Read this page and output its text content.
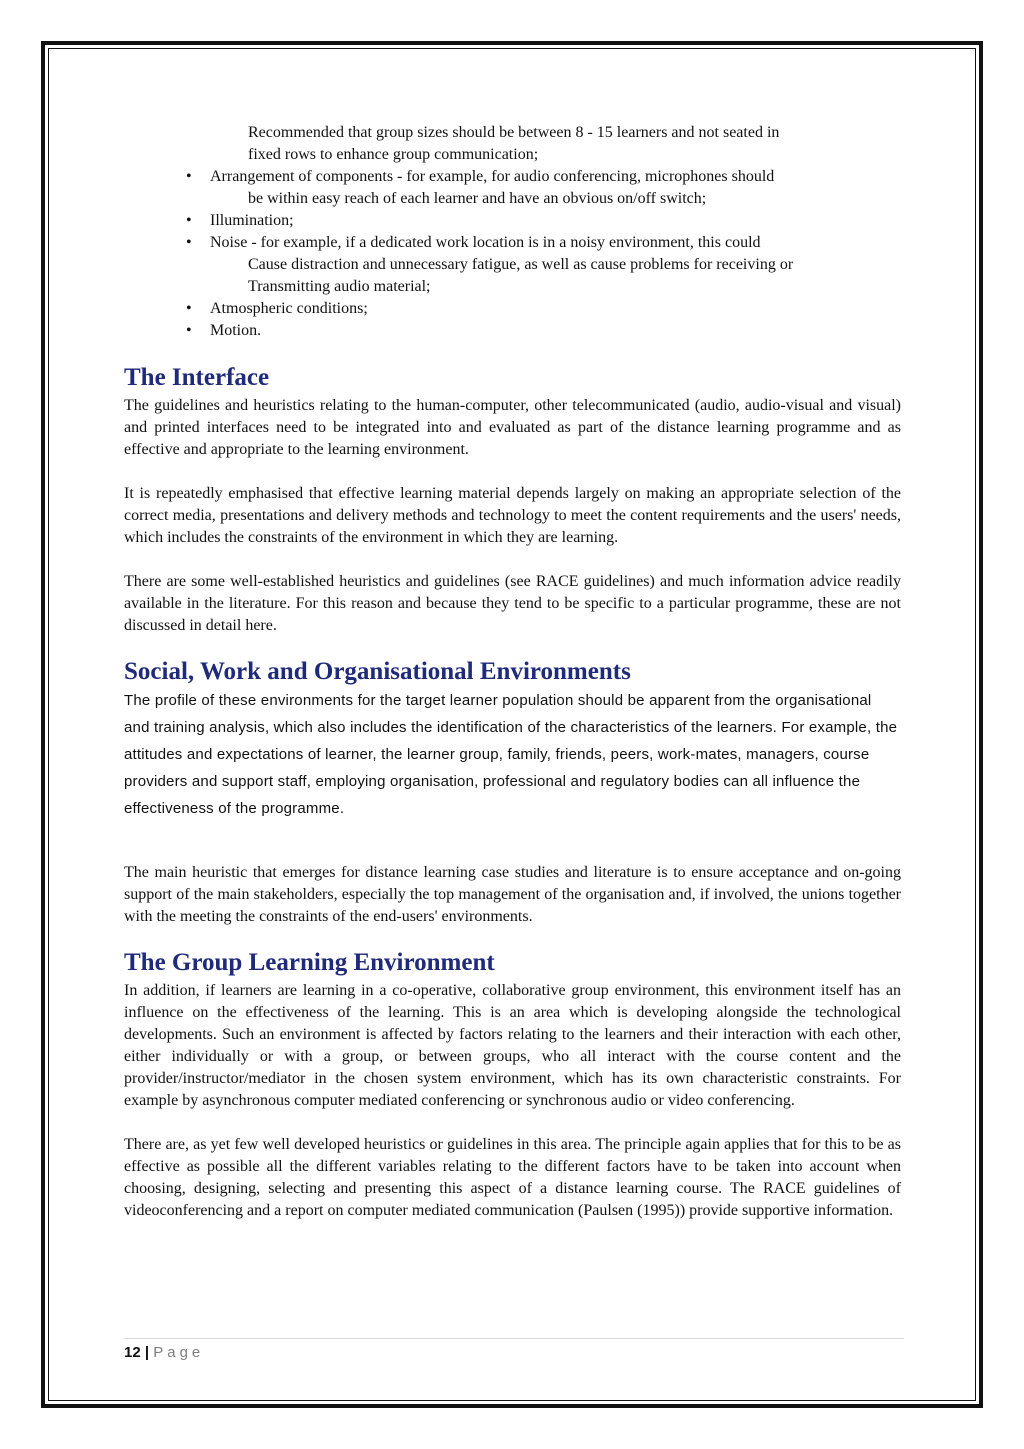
Recommended that group sizes should be between 8 - 15 learners and not seated in

fixed rows to enhance group communication;

•	Arrangement of components - for example, for audio conferencing, microphones should
be within easy reach of each learner and have an obvious on/off switch;
•	Illumination;
•	Noise - for example, if a dedicated work location is in a noisy environment, this could
Cause distraction and unnecessary fatigue, as well as cause problems for receiving or
Transmitting audio material;
•	Atmospheric conditions;
•	Motion.
The Interface

The guidelines and heuristics relating to the human-computer, other telecommunicated (audio, audio-visual and visual) and printed interfaces need to be integrated into and evaluated as part of the distance learning programme and as effective and appropriate to the learning environment.

It is repeatedly emphasised that effective learning material depends largely on making an appropriate selection of the correct media, presentations and delivery methods and technology to meet the content requirements and the users' needs, which includes the constraints of the environment in which they are learning.

There are some well-established heuristics and guidelines (see RACE guidelines) and much information advice readily available in the literature. For this reason and because they tend to be specific to a particular programme, these are not discussed in detail here.

Social, Work and Organisational Environments

The profile of these environments for the target learner population should be apparent from the organisational and training analysis, which also includes the identification of the characteristics of the learners. For example, the attitudes and expectations of learner, the learner group, family, friends, peers, work-mates, managers, course providers and support staff, employing organisation, professional and regulatory bodies can all influence the effectiveness of the programme.

The main heuristic that emerges for distance learning case studies and literature is to ensure acceptance and on-going support of the main stakeholders, especially the top management of the organisation and, if involved, the unions together with the meeting the constraints of the end-users' environments.

The Group Learning Environment

In addition, if learners are learning in a co-operative, collaborative group environment, this environment itself has an influence on the effectiveness of the learning. This is an area which is developing alongside the technological developments. Such an environment is affected by factors relating to the learners and their interaction with each other, either individually or with a group, or between groups, who all interact with the course content and the provider/instructor/mediator in the chosen system environment, which has its own characteristic constraints. For example by asynchronous computer mediated conferencing or synchronous audio or video conferencing.

There are, as yet few well developed heuristics or guidelines in this area. The principle again applies that for this to be as effective as possible all the different variables relating to the different factors have to be taken into account when choosing, designing, selecting and presenting this aspect of a distance learning course. The RACE guidelines of videoconferencing and a report on computer mediated communication (Paulsen (1995)) provide supportive information.

12 | Page
